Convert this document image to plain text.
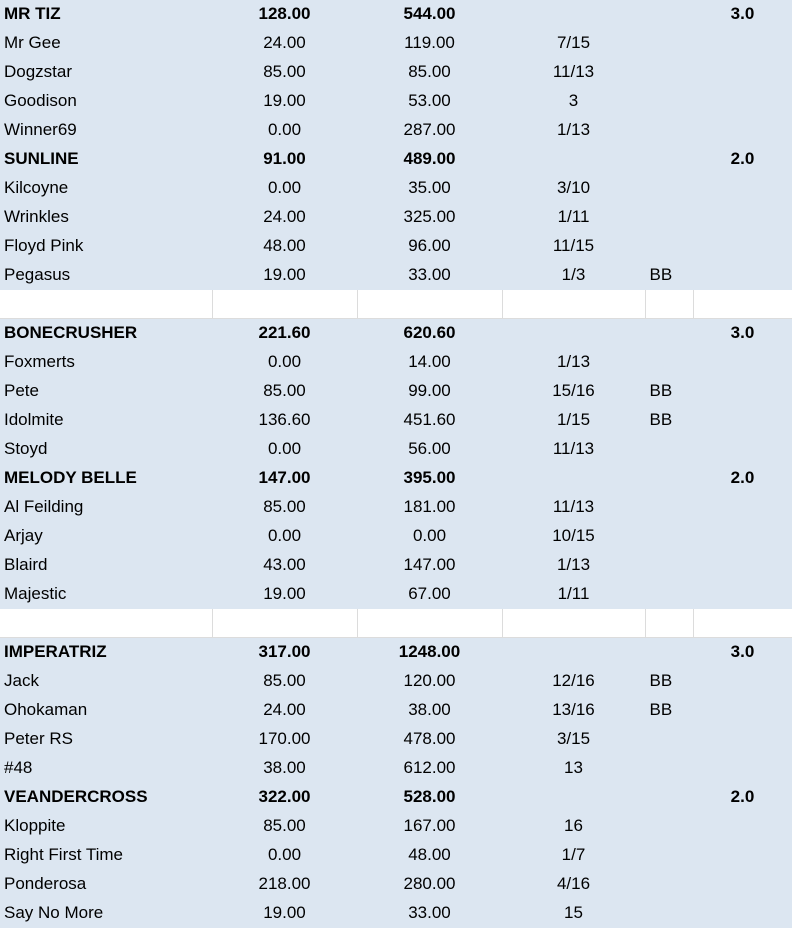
MR TIZ	128.00	544.00			3.0
Mr Gee	24.00	119.00	7/15		
Dogzstar	85.00	85.00	11/13		
Goodison	19.00	53.00	3		
Winner69	0.00	287.00	1/13		
SUNLINE	91.00	489.00			2.0
Kilcoyne	0.00	35.00	3/10		
Wrinkles	24.00	325.00	1/11		
Floyd Pink	48.00	96.00	11/15		
Pegasus	19.00	33.00	1/3	BB	

BONECRUSHER	221.60	620.60			3.0
Foxmerts	0.00	14.00	1/13		
Pete	85.00	99.00	15/16	BB	
Idolmite	136.60	451.60	1/15	BB	
Stoyd	0.00	56.00	11/13		
MELODY BELLE	147.00	395.00			2.0
Al Feilding	85.00	181.00	11/13		
Arjay	0.00	0.00	10/15		
Blaird	43.00	147.00	1/13		
Majestic	19.00	67.00	1/11		

IMPERATRIZ	317.00	1248.00			3.0
Jack	85.00	120.00	12/16	BB	
Ohokaman	24.00	38.00	13/16	BB	
Peter RS	170.00	478.00	3/15		
#48	38.00	612.00	13		
VEANDERCROSS	322.00	528.00			2.0
Kloppite	85.00	167.00	16		
Right First Time	0.00	48.00	1/7		
Ponderosa	218.00	280.00	4/16		
Say No More	19.00	33.00	15		
